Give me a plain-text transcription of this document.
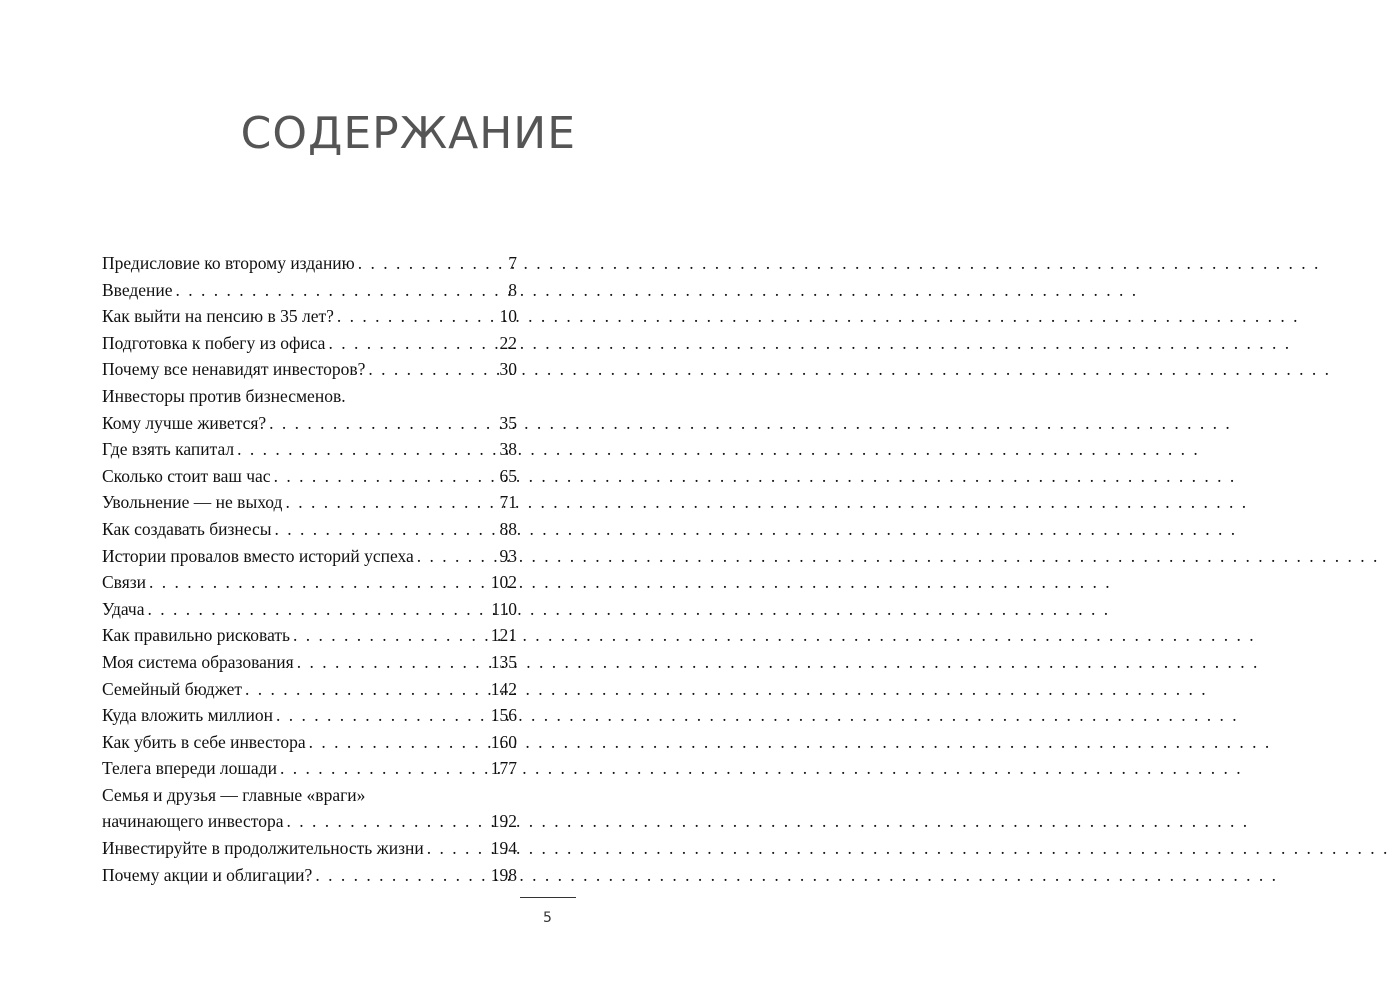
СОДЕРЖАНИЕ
Предисловие ко второму изданию . . .	7
Введение . . .	8
Как выйти на пенсию в 35 лет? . . .	10
Подготовка к побегу из офиса . . .	22
Почему все ненавидят инвесторов? . . .	30
Инвесторы против бизнесменов.
Кому лучше живется? . . .	35
Где взять капитал . . .	38
Сколько стоит ваш час . . .	65
Увольнение — не выход . . .	71
Как создавать бизнесы . . .	88
Истории провалов вместо историй успеха . . .	93
Связи . . .	102
Удача . . .	110
Как правильно рисковать . . .	121
Моя система образования . . .	135
Семейный бюджет . . .	142
Куда вложить миллион . . .	156
Как убить в себе инвестора . . .	160
Телега впереди лошади . . .	177
Семья и друзья — главные «враги»
начинающего инвестора . . .	192
Инвестируйте в продолжительность жизни . . .	194
Почему акции и облигации? . . .	198
5
